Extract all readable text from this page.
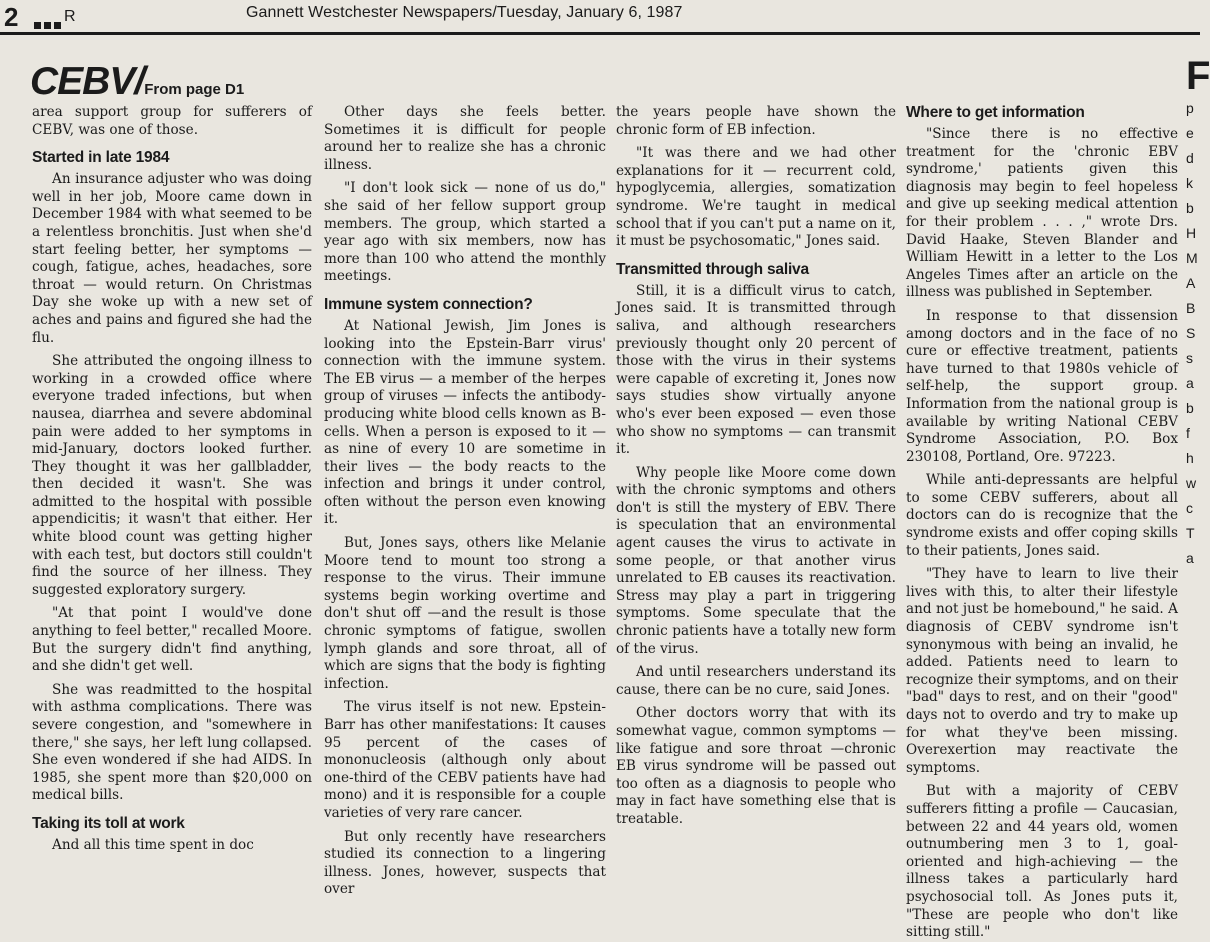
2	R	Gannett Westchester Newspapers/Tuesday, January 6, 1987
CEBV/From page D1	F
p
e
d
k
b
H
M
A
B
S
s
a
b
f
h
w
c
T
a

area support group for sufferers of CEBV, was one of those.

Started in late 1984

An insurance adjuster who was doing well in her job, Moore came down in December 1984 with what seemed to be a relentless bronchitis. Just when she'd start feeling better, her symptoms —cough, fatigue, aches, headaches, sore throat — would return. On Christmas Day she woke up with a new set of aches and pains and figured she had the flu.

She attributed the ongoing illness to working in a crowded office where everyone traded infections, but when nausea, diarrhea and severe abdominal pain were added to her symptoms in mid-January, doctors looked further. They thought it was her gallbladder, then decided it wasn't. She was admitted to the hospital with possible appendicitis; it wasn't that either. Her white blood count was getting higher with each test, but doctors still couldn't find the source of her illness. They suggested exploratory surgery.

"At that point I would've done anything to feel better," recalled Moore. But the surgery didn't find anything, and she didn't get well.

She was readmitted to the hospital with asthma complications. There was severe congestion, and "somewhere in there," she says, her left lung collapsed. She even wondered if she had AIDS. In 1985, she spent more than $20,000 on medical bills.

Taking its toll at work

And all this time spent in doc

Other days she feels better. Sometimes it is difficult for people around her to realize she has a chronic illness.

"I don't look sick — none of us do," she said of her fellow support group members. The group, which started a year ago with six members, now has more than 100 who attend the monthly meetings.

Immune system connection?

At National Jewish, Jim Jones is looking into the Epstein-Barr virus' connection with the immune system. The EB virus — a member of the herpes group of viruses — infects the antibody-producing white blood cells known as B-cells. When a person is exposed to it —as nine of every 10 are sometime in their lives — the body reacts to the infection and brings it under control, often without the person even knowing it.

But, Jones says, others like Melanie Moore tend to mount too strong a response to the virus. Their immune systems begin working overtime and don't shut off —and the result is those chronic symptoms of fatigue, swollen lymph glands and sore throat, all of which are signs that the body is fighting infection.

The virus itself is not new. Epstein-Barr has other manifestations: It causes 95 percent of the cases of mononucleosis (although only about one-third of the CEBV patients have had mono) and it is responsible for a couple varieties of very rare cancer.

But only recently have researchers studied its connection to a lingering illness. Jones, however, suspects that over

the years people have shown the chronic form of EB infection.

"It was there and we had other explanations for it — recurrent cold, hypoglycemia, allergies, somatization syndrome. We're taught in medical school that if you can't put a name on it, it must be psychosomatic," Jones said.

Transmitted through saliva

Still, it is a difficult virus to catch, Jones said. It is transmitted through saliva, and although researchers previously thought only 20 percent of those with the virus in their systems were capable of excreting it, Jones now says studies show virtually anyone who's ever been exposed — even those who show no symptoms — can transmit it.

Why people like Moore come down with the chronic symptoms and others don't is still the mystery of EBV. There is speculation that an environmental agent causes the virus to activate in some people, or that another virus unrelated to EB causes its reactivation. Stress may play a part in triggering symptoms. Some speculate that the chronic patients have a totally new form of the virus.

And until researchers understand its cause, there can be no cure, said Jones.

Other doctors worry that with its somewhat vague, common symptoms — like fatigue and sore throat —chronic EB virus syndrome will be passed out too often as a diagnosis to people who may in fact have something else that is treatable.

Where to get information

"Since there is no effective treatment for the 'chronic EBV syndrome,' patients given this diagnosis may begin to feel hopeless and give up seeking medical attention for their problem . . . ," wrote Drs. David Haake, Steven Blander and William Hewitt in a letter to the Los Angeles Times after an article on the illness was published in September.

In response to that dissension among doctors and in the face of no cure or effective treatment, patients have turned to that 1980s vehicle of self-help, the support group. Information from the national group is available by writing National CEBV Syndrome Association, P.O. Box 230108, Portland, Ore. 97223.

While anti-depressants are helpful to some CEBV sufferers, about all doctors can do is recognize that the syndrome exists and offer coping skills to their patients, Jones said.

"They have to learn to live their lives with this, to alter their lifestyle and not just be homebound," he said. A diagnosis of CEBV syndrome isn't synonymous with being an invalid, he added. Patients need to learn to recognize their symptoms, and on their "bad" days to rest, and on their "good" days not to overdo and try to make up for what they've been missing. Overexertion may reactivate the symptoms.

But with a majority of CEBV sufferers fitting a profile — Caucasian, between 22 and 44 years old, women outnumbering men 3 to 1, goal-oriented and high-achieving — the illness takes a particularly hard psychosocial toll. As Jones puts it, "These are people who don't like sitting still."
